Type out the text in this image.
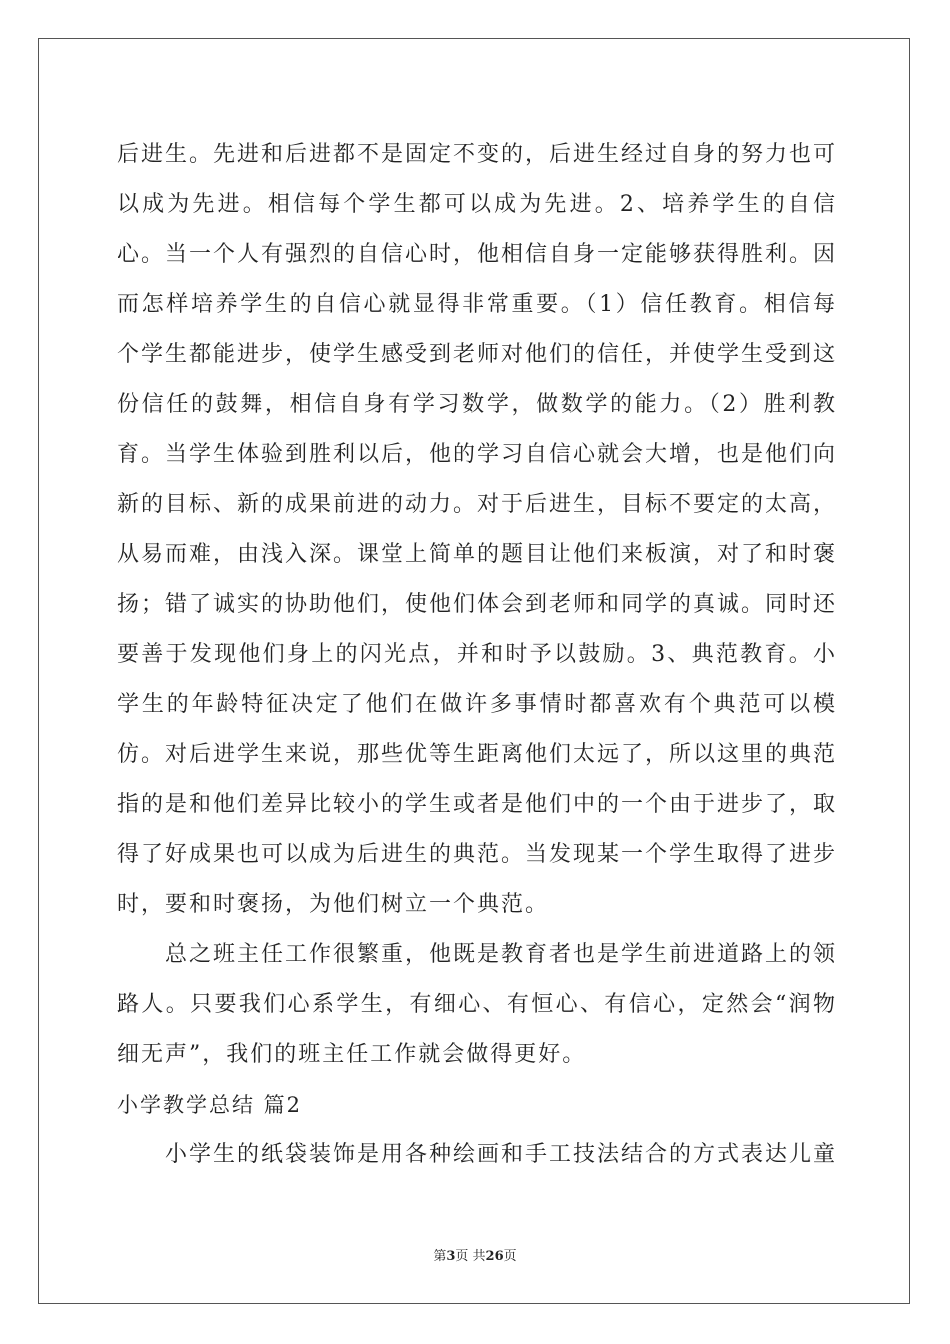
后进生。先进和后进都不是固定不变的，后进生经过自身的努力也可以成为先进。相信每个学生都可以成为先进。2、培养学生的自信心。当一个人有强烈的自信心时，他相信自身一定能够获得胜利。因而怎样培养学生的自信心就显得非常重要。（1）信任教育。相信每个学生都能进步，使学生感受到老师对他们的信任，并使学生受到这份信任的鼓舞，相信自身有学习数学，做数学的能力。（2）胜利教育。当学生体验到胜利以后，他的学习自信心就会大增，也是他们向新的目标、新的成果前进的动力。对于后进生，目标不要定的太高，从易而难，由浅入深。课堂上简单的题目让他们来板演，对了和时褒扬；错了诚实的协助他们，使他们体会到老师和同学的真诚。同时还要善于发现他们身上的闪光点，并和时予以鼓励。3、典范教育。小学生的年龄特征决定了他们在做许多事情时都喜欢有个典范可以模仿。对后进学生来说，那些优等生距离他们太远了，所以这里的典范指的是和他们差异比较小的学生或者是他们中的一个由于进步了，取得了好成果也可以成为后进生的典范。当发现某一个学生取得了进步时，要和时褒扬，为他们树立一个典范。

总之班主任工作很繁重，他既是教育者也是学生前进道路上的领路人。只要我们心系学生，有细心、有恒心、有信心，定然会“润物细无声”，我们的班主任工作就会做得更好。

小学教学总结 篇2

小学生的纸袋装饰是用各种绘画和手工技法结合的方式表达儿童

第3页 共26页
